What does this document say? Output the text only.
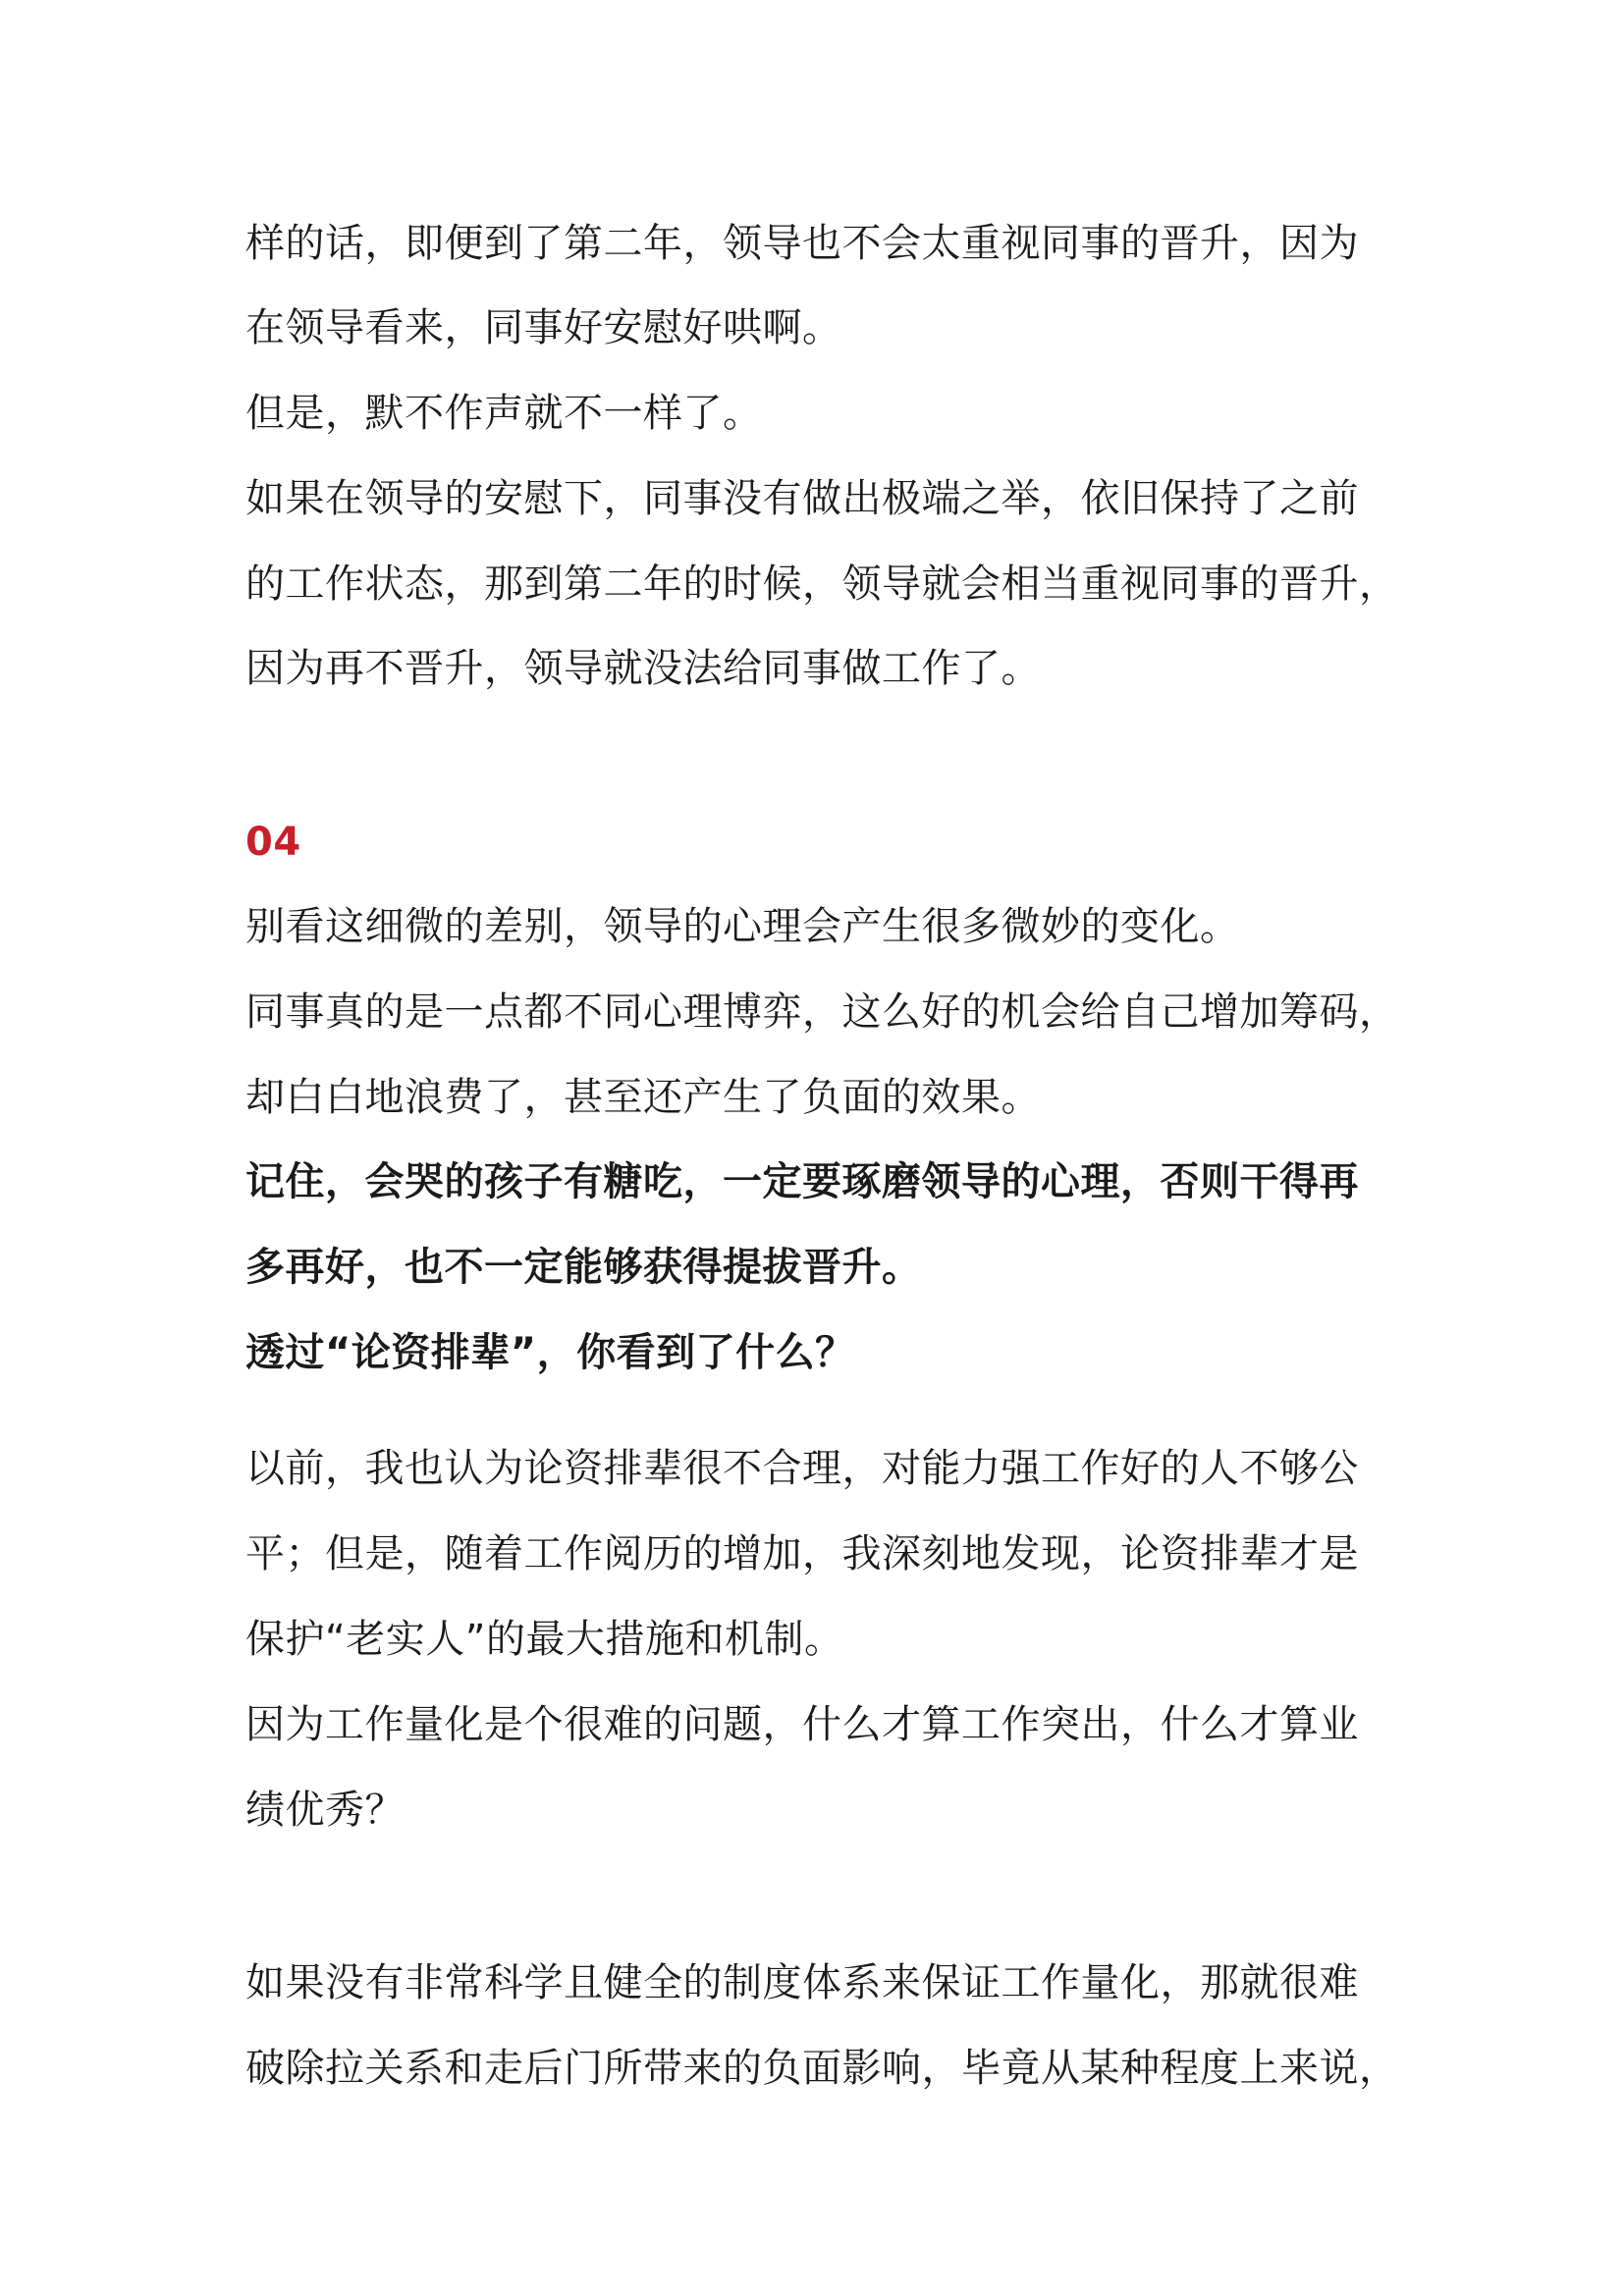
样的话，即便到了第二年，领导也不会太重视同事的晋升，因为
在领导看来，同事好安慰好哄啊。
但是，默不作声就不一样了。
如果在领导的安慰下，同事没有做出极端之举，依旧保持了之前
的工作状态，那到第二年的时候，领导就会相当重视同事的晋升，
因为再不晋升，领导就没法给同事做工作了。
04
别看这细微的差别，领导的心理会产生很多微妙的变化。
同事真的是一点都不同心理博弈，这么好的机会给自己增加筹码，
却白白地浪费了，甚至还产生了负面的效果。
记住，会哭的孩子有糖吃，一定要琢磨领导的心理，否则干得再
多再好，也不一定能够获得提拔晋升。
透过“论资排辈”，你看到了什么？
以前，我也认为论资排辈很不合理，对能力强工作好的人不够公
平；但是，随着工作阅历的增加，我深刻地发现，论资排辈才是
保护“老实人”的最大措施和机制。
因为工作量化是个很难的问题，什么才算工作突出，什么才算业
绩优秀？
如果没有非常科学且健全的制度体系来保证工作量化，那就很难
破除拉关系和走后门所带来的负面影响，毕竟从某种程度上来说，
